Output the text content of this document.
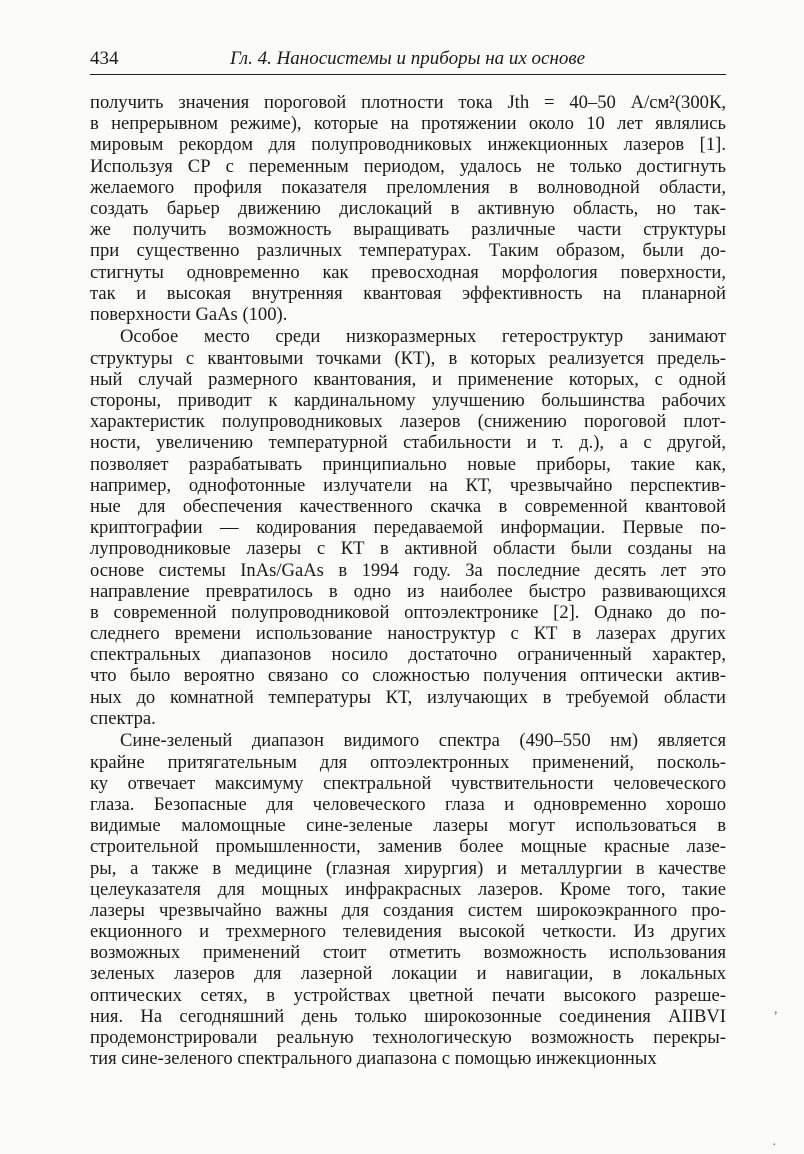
434	Гл. 4. Наносистемы и приборы на их основе
получить значения пороговой плотности тока Jth = 40–50 А/см²(300К,
в непрерывном режиме), которые на протяжении около 10 лет являлись
мировым рекордом для полупроводниковых инжекционных лазеров [1].
Используя СР с переменным периодом, удалось не только достигнуть
желаемого профиля показателя преломления в волноводной области,
создать барьер движению дислокаций в активную область, но так-
же получить возможность выращивать различные части структуры
при существенно различных температурах. Таким образом, были до-
стигнуты одновременно как превосходная морфология поверхности,
так и высокая внутренняя квантовая эффективность на планарной
поверхности GaAs (100).
Особое место среди низкоразмерных гетероструктур занимают
структуры с квантовыми точками (КТ), в которых реализуется предель-
ный случай размерного квантования, и применение которых, с одной
стороны, приводит к кардинальному улучшению большинства рабочих
характеристик полупроводниковых лазеров (снижению пороговой плот-
ности, увеличению температурной стабильности и т. д.), а с другой,
позволяет разрабатывать принципиально новые приборы, такие как,
например, однофотонные излучатели на КТ, чрезвычайно перспектив-
ные для обеспечения качественного скачка в современной квантовой
криптографии — кодирования передаваемой информации. Первые по-
лупроводниковые лазеры с КТ в активной области были созданы на
основе системы InAs/GaAs в 1994 году. За последние десять лет это
направление превратилось в одно из наиболее быстро развивающихся
в современной полупроводниковой оптоэлектронике [2]. Однако до по-
следнего времени использование наноструктур с КТ в лазерах других
спектральных диапазонов носило достаточно ограниченный характер,
что было вероятно связано со сложностью получения оптически актив-
ных до комнатной температуры КТ, излучающих в требуемой области
спектра.
Сине-зеленый диапазон видимого спектра (490–550 нм) является
крайне притягательным для оптоэлектронных применений, посколь-
ку отвечает максимуму спектральной чувствительности человеческого
глаза. Безопасные для человеческого глаза и одновременно хорошо
видимые маломощные сине-зеленые лазеры могут использоваться в
строительной промышленности, заменив более мощные красные лазе-
ры, а также в медицине (глазная хирургия) и металлургии в качестве
целеуказателя для мощных инфракрасных лазеров. Кроме того, такие
лазеры чрезвычайно важны для создания систем широкоэкранного про-
екционного и трехмерного телевидения высокой четкости. Из других
возможных применений стоит отметить возможность использования
зеленых лазеров для лазерной локации и навигации, в локальных
оптических сетях, в устройствах цветной печати высокого разреше-
ния. На сегодняшний день только широкозонные соединения AIIBVI
продемонстрировали реальную технологическую возможность перекры-
тия сине-зеленого спектрального диапазона с помощью инжекционных
,
·
